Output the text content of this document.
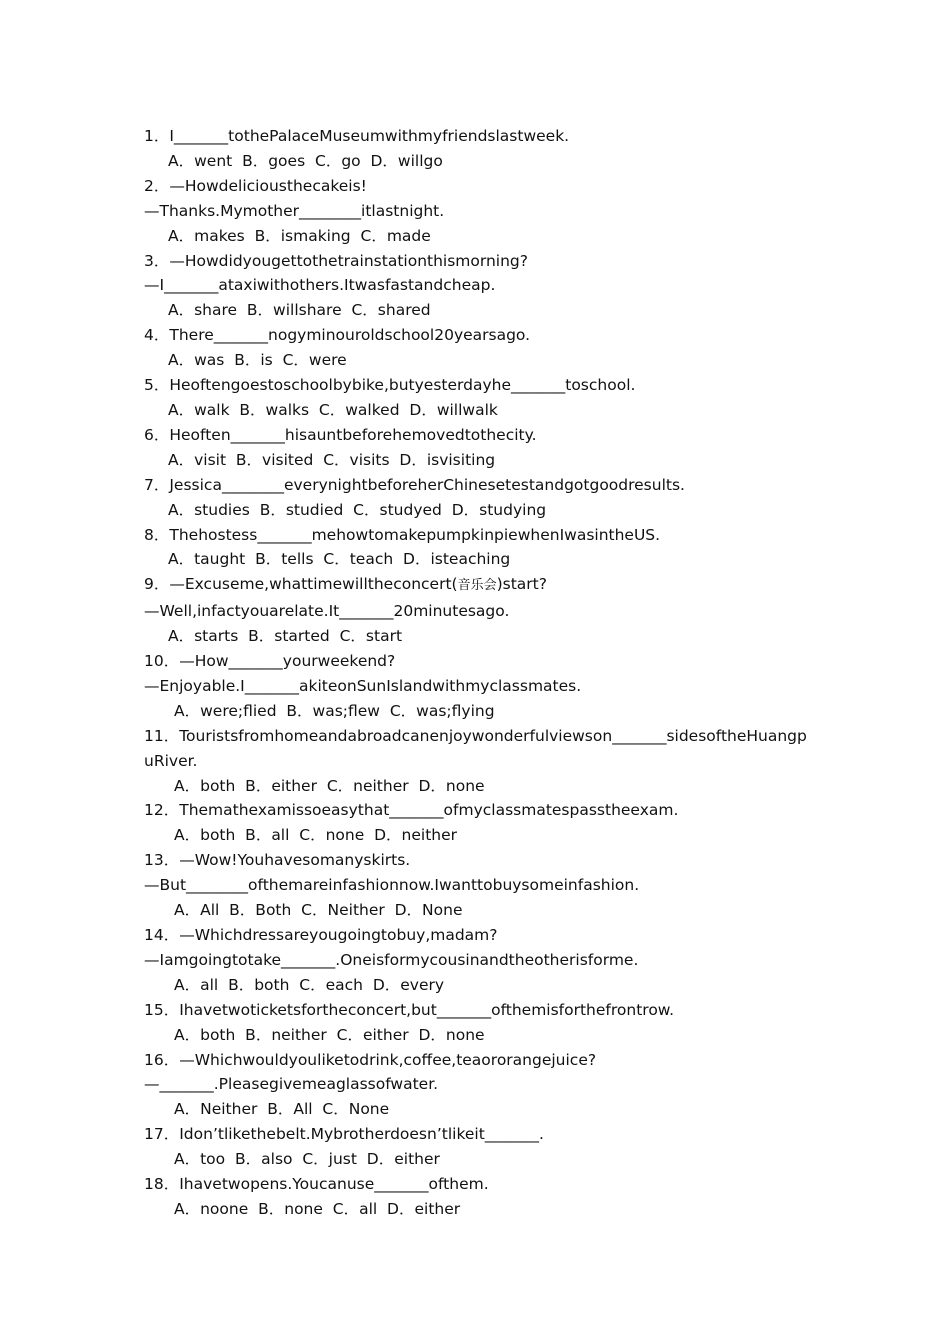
1．I_______tothePalaceMuseumwithmyfriendslastweek.
A．went  B．goes  C．go  D．willgo
2．—Howdeliciousthecakeis!
—Thanks.Mymother________itlastnight.
A．makes  B．ismaking  C．made
3．—Howdidyougettothetrainstationthismorning?
—I_______ataxiwithothers.Itwasfastandcheap.
A．share  B．willshare  C．shared
4．There_______nogyminouroldschool20yearsago.
A．was  B．is  C．were
5．Heoftengoestoschoolbybike,butyesterdayhe_______toschool.
A．walk  B．walks  C．walked  D．willwalk
6．Heoften_______hisauntbeforehemovedtothecity.
A．visit  B．visited  C．visits  D．isvisiting
7．Jessica________everynightbeforeherChinesetestandgotgoodresults.
A．studies  B．studied  C．studyed  D．studying
8．Thehostess_______mehowtomakepumpkinpiewhenIwasintheUS.
A．taught  B．tells  C．teach  D．isteaching
9．—Excuseme,whattimewilltheconcert(音乐会)start?
—Well,infactyouarelate.It_______20minutesago.
A．starts  B．started  C．start
10．—How_______yourweekend?
—Enjoyable.I_______akiteonSunIslandwithmyclassmates.
A．were;flied  B．was;flew  C．was;flying
11．Touristsfromhomeandabroadcanenjoywonderfulviewson_______sidesoftheHuangpuRiver.
A．both  B．either  C．neither  D．none
12．Themathexamissoeasythat_______ofmyclassmatespasstheexam.
A．both  B．all  C．none  D．neither
13．—Wow!Youhavesomanyskirts.
—But________ofthemareinfashionnow.Iwanttobuysomeinfashion.
A．All  B．Both  C．Neither  D．None
14．—Whichdressareyougoingtobuy,madam?
—Iamgoingtotake_______.Oneisformycousinandtheotherisforme.
A．all  B．both  C．each  D．every
15．Ihavetwoticketsfortheconcert,but_______ofthemisforthefrontrow.
A．both  B．neither  C．either  D．none
16．—Whichwouldyouliketodrink,coffee,teaororangejuice?
—_______.Pleasegivemeaglassofwater.
A．Neither  B．All  C．None
17．Idon’tlikethebelt.Mybrotherdoesn’tlikeit_______.
A．too  B．also  C．just  D．either
18．Ihavetwopens.Youcanuse_______ofthem.
A．noone  B．none  C．all  D．either
